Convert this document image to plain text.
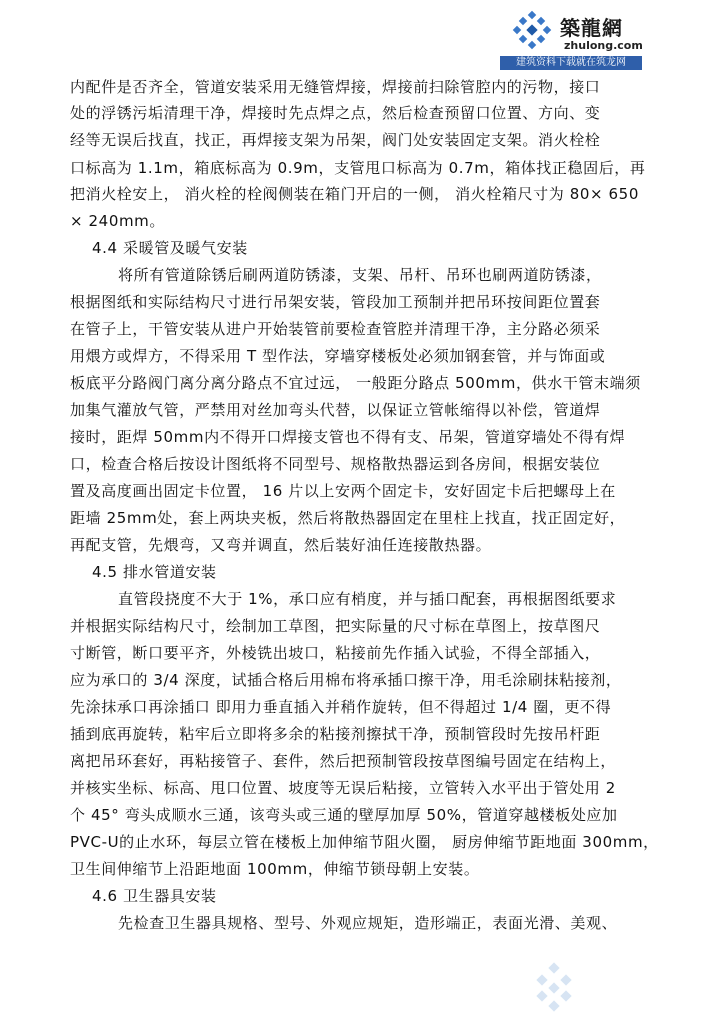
築龍網
zhulong.com
建筑资料下载就在筑龙网
内配件是否齐全，管道安装采用无缝管焊接，焊接前扫除管腔内的污物，接口
处的浮锈污垢清理干净，焊接时先点焊之点，然后检查预留口位置、方向、变
经等无误后找直，找正，再焊接支架为吊架，阀门处安装固定支架。消火栓栓
口标高为 1.1m，箱底标高为 0.9m，支管甩口标高为 0.7m，箱体找正稳固后，再
把消火栓安上， 消火栓的栓阀侧装在箱门开启的一侧， 消火栓箱尺寸为 80× 650
× 240mm。
4.4 采暖管及暖气安装
将所有管道除锈后刷两道防锈漆，支架、吊杆、吊环也刷两道防锈漆，
根据图纸和实际结构尺寸进行吊架安装，管段加工预制并把吊环按间距位置套
在管子上，干管安装从进户开始装管前要检查管腔并清理干净，主分路必须采
用煨方或焊方，不得采用 T 型作法，穿墙穿楼板处必须加钢套管，并与饰面或
板底平分路阀门离分离分路点不宜过远， 一般距分路点 500mm，供水干管末端须
加集气灌放气管，严禁用对丝加弯头代替，以保证立管帐缩得以补偿，管道焊
接时，距焊 50mm内不得开口焊接支管也不得有支、吊架，管道穿墙处不得有焊
口，检查合格后按设计图纸将不同型号、规格散热器运到各房间，根据安装位
置及高度画出固定卡位置， 16 片以上安两个固定卡，安好固定卡后把螺母上在
距墙 25mm处，套上两块夹板，然后将散热器固定在里柱上找直，找正固定好，
再配支管，先煨弯，又弯并调直，然后装好油任连接散热器。
4.5 排水管道安装
直管段挠度不大于 1%，承口应有梢度，并与插口配套，再根据图纸要求
并根据实际结构尺寸，绘制加工草图，把实际量的尺寸标在草图上，按草图尺
寸断管，断口要平齐，外棱铣出坡口，粘接前先作插入试验，不得全部插入，
应为承口的 3/4 深度，试插合格后用棉布将承插口擦干净，用毛涂刷抹粘接剂，
先涂抹承口再涂插口 即用力垂直插入并稍作旋转，但不得超过 1/4 圈，更不得
插到底再旋转，粘牢后立即将多余的粘接剂擦拭干净，预制管段时先按吊杆距
离把吊环套好，再粘接管子、套件，然后把预制管段按草图编号固定在结构上，
并核实坐标、标高、甩口位置、坡度等无误后粘接，立管转入水平出于管处用 2
个 45° 弯头成顺水三通，该弯头或三通的壁厚加厚 50%，管道穿越楼板处应加
PVC-U的止水环，每层立管在楼板上加伸缩节阻火圈， 厨房伸缩节距地面 300mm，
卫生间伸缩节上沿距地面 100mm，伸缩节锁母朝上安装。
4.6 卫生器具安装
先检查卫生器具规格、型号、外观应规矩，造形端正，表面光滑、美观、
